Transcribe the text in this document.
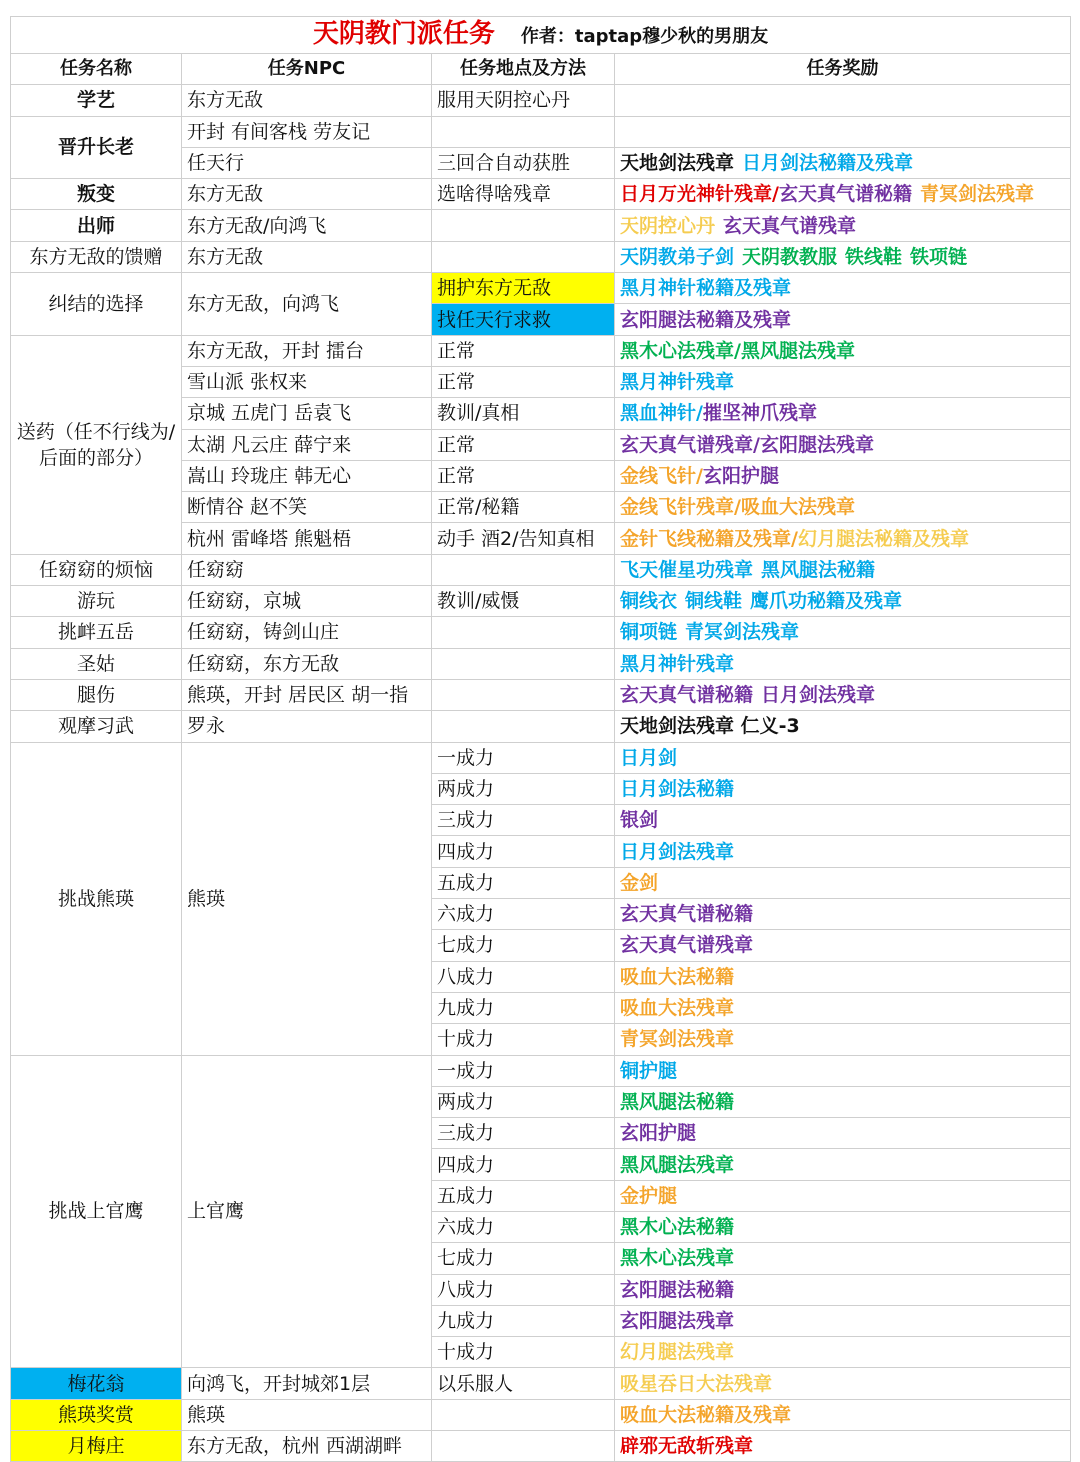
天阴教门派任务 作者：taptap穆少秋的男朋友			
任务名称	任务NPC	任务地点及方法	任务奖励
学艺	东方无敌	服用天阴控心丹	
晋升长老	开封 有间客栈 劳友记		
	任天行	三回合自动获胜	天地剑法残章 日月剑法秘籍及残章
叛变	东方无敌	选啥得啥残章	日月万光神针残章/玄天真气谱秘籍 青冥剑法残章
出师	东方无敌/向鸿飞		天阴控心丹 玄天真气谱残章
东方无敌的馈赠	东方无敌		天阴教弟子剑 天阴教教服 铁线鞋 铁项链
纠结的选择	东方无敌，向鸿飞	拥护东方无敌	黑月神针秘籍及残章
		找任天行求救	玄阳腿法秘籍及残章
送药（任不行线为/后面的部分）	东方无敌，开封 擂台	正常	黑木心法残章/黑风腿法残章
	雪山派 张权来	正常	黑月神针残章
	京城 五虎门 岳袁飞	教训/真相	黑血神针/摧坚神爪残章
	太湖 凡云庄 薛宁来	正常	玄天真气谱残章/玄阳腿法残章
	嵩山 玲珑庄 韩无心	正常	金线飞针/玄阳护腿
	断情谷 赵不笑	正常/秘籍	金线飞针残章/吸血大法残章
	杭州 雷峰塔 熊魁梧	动手 酒2/告知真相	金针飞线秘籍及残章/幻月腿法秘籍及残章
任窈窈的烦恼	任窈窈		飞天催星功残章 黑风腿法秘籍
游玩	任窈窈，京城	教训/威慑	铜线衣 铜线鞋 鹰爪功秘籍及残章
挑衅五岳	任窈窈，铸剑山庄		铜项链 青冥剑法残章
圣姑	任窈窈，东方无敌		黑月神针残章
腿伤	熊瑛，开封 居民区 胡一指		玄天真气谱秘籍 日月剑法残章
观摩习武	罗永		天地剑法残章 仁义-3
挑战熊瑛	熊瑛	一成力	日月剑
		两成力	日月剑法秘籍
		三成力	银剑
		四成力	日月剑法残章
		五成力	金剑
		六成力	玄天真气谱秘籍
		七成力	玄天真气谱残章
		八成力	吸血大法秘籍
		九成力	吸血大法残章
		十成力	青冥剑法残章
挑战上官鹰	上官鹰	一成力	铜护腿
		两成力	黑风腿法秘籍
		三成力	玄阳护腿
		四成力	黑风腿法残章
		五成力	金护腿
		六成力	黑木心法秘籍
		七成力	黑木心法残章
		八成力	玄阳腿法秘籍
		九成力	玄阳腿法残章
		十成力	幻月腿法残章
梅花翁	向鸿飞，开封城郊1层	以乐服人	吸星吞日大法残章
熊瑛奖赏	熊瑛		吸血大法秘籍及残章
月梅庄	东方无敌，杭州 西湖湖畔		辟邪无敌斩残章
